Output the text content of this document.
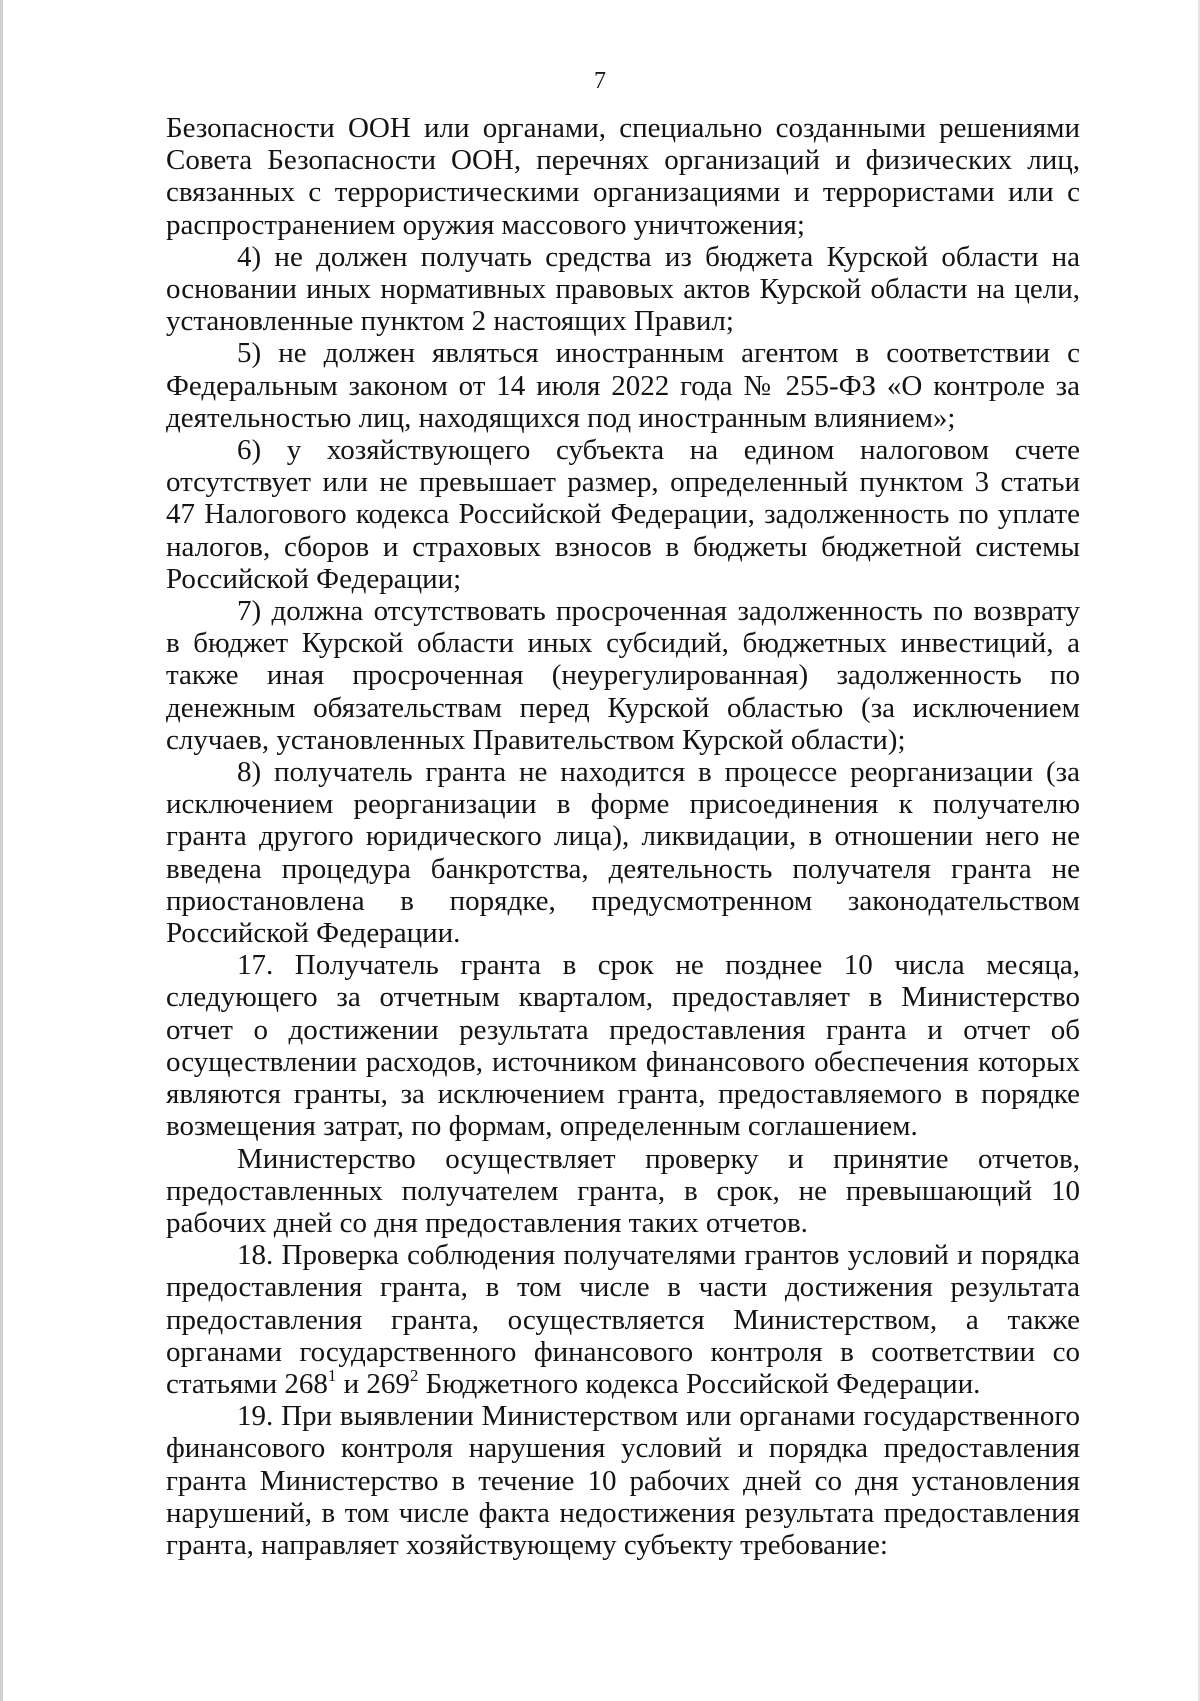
7

Безопасности ООН или органами, специально созданными решениями Совета Безопасности ООН, перечнях организаций и физических лиц, связанных с террористическими организациями и террористами или с распространением оружия массового уничтожения;

4) не должен получать средства из бюджета Курской области на основании иных нормативных правовых актов Курской области на цели, установленные пунктом 2 настоящих Правил;

5) не должен являться иностранным агентом в соответствии с Федеральным законом от 14 июля 2022 года № 255-ФЗ «О контроле за деятельностью лиц, находящихся под иностранным влиянием»;

6) у хозяйствующего субъекта на едином налоговом счете отсутствует или не превышает размер, определенный пунктом 3 статьи 47 Налогового кодекса Российской Федерации, задолженность по уплате налогов, сборов и страховых взносов в бюджеты бюджетной системы Российской Федерации;

7) должна отсутствовать просроченная задолженность по возврату в бюджет Курской области иных субсидий, бюджетных инвестиций, а также иная просроченная (неурегулированная) задолженность по денежным обязательствам перед Курской областью (за исключением случаев, установленных Правительством Курской области);

8) получатель гранта не находится в процессе реорганизации (за исключением реорганизации в форме присоединения к получателю гранта другого юридического лица), ликвидации, в отношении него не введена процедура банкротства, деятельность получателя гранта не приостановлена в порядке, предусмотренном законодательством Российской Федерации.

17. Получатель гранта в срок не позднее 10 числа месяца, следующего за отчетным кварталом, предоставляет в Министерство отчет о достижении результата предоставления гранта и отчет об осуществлении расходов, источником финансового обеспечения которых являются гранты, за исключением гранта, предоставляемого в порядке возмещения затрат, по формам, определенным соглашением.

Министерство осуществляет проверку и принятие отчетов, предоставленных получателем гранта, в срок, не превышающий 10 рабочих дней со дня предоставления таких отчетов.

18. Проверка соблюдения получателями грантов условий и порядка предоставления гранта, в том числе в части достижения результата предоставления гранта, осуществляется Министерством, а также органами государственного финансового контроля в соответствии со статьями $268^1$ и $269^2$ Бюджетного кодекса Российской Федерации.

19. При выявлении Министерством или органами государственного финансового контроля нарушения условий и порядка предоставления гранта Министерство в течение 10 рабочих дней со дня установления нарушений, в том числе факта недостижения результата предоставления гранта, направляет хозяйствующему субъекту требование:
